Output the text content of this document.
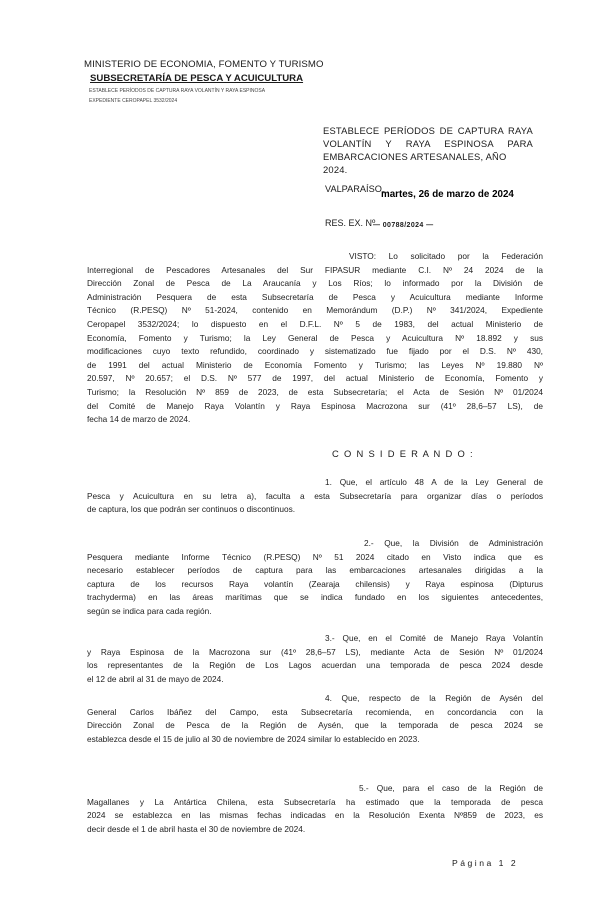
MINISTERIO DE ECONOMIA, FOMENTO Y TURISMO
SUBSECRETARÍA DE PESCA Y ACUICULTURA
ESTABLECE PERÍODOS DE CAPTURA RAYA VOLANTÍN Y RAYA ESPINOSA
EXPEDIENTE CEROPAPEL 3532/2024
ESTABLECE PERÍODOS DE CAPTURA RAYA
VOLANTÍN Y RAYA ESPINOSA PARA
EMBARCACIONES ARTESANALES, AÑO 2024.
VALPARAÍSO,
martes, 26 de marzo de 2024
RES. EX. Nº
— 00788/2024 —
VISTO: Lo solicitado por la Federación
Interregional de Pescadores Artesanales del Sur FIPASUR mediante C.I. Nº 24 2024 de la
Dirección Zonal de Pesca de La Araucanía y Los Ríos; lo informado por la División de
Administración Pesquera de esta Subsecretaría de Pesca y Acuicultura mediante Informe
Técnico (R.PESQ) Nº 51-2024, contenido en Memorándum (D.P.) Nº 341/2024, Expediente
Ceropapel 3532/2024; lo dispuesto en el D.F.L. Nº 5 de 1983, del actual Ministerio de
Economía, Fomento y Turismo; la Ley General de Pesca y Acuicultura Nº 18.892 y sus
modificaciones cuyo texto refundido, coordinado y sistematizado fue fijado por el D.S. Nº 430,
de 1991 del actual Ministerio de Economía Fomento y Turismo; las Leyes Nº 19.880 Nº
20.597, Nº 20.657; el D.S. Nº 577 de 1997, del actual Ministerio de Economía, Fomento y
Turismo; la Resolución Nº 859 de 2023, de esta Subsecretaría; el Acta de Sesión Nº 01/2024
del Comité de Manejo Raya Volantín y Raya Espinosa Macrozona sur (41º 28,6–57 LS), de
fecha 14 de marzo de 2024.
C O N S I D E R A N D O :
1. Que, el artículo 48 A de la Ley General de
Pesca y Acuicultura en su letra a), faculta a esta Subsecretaría para organizar días o períodos
de captura, los que podrán ser continuos o discontinuos.
2.- Que, la División de Administración
Pesquera mediante Informe Técnico (R.PESQ) Nº 51 2024 citado en Visto indica que es
necesario establecer períodos de captura para las embarcaciones artesanales dirigidas a la
captura de los recursos Raya volantín (Zearaja chilensis) y Raya espinosa (Dipturus
trachyderma) en las áreas marítimas que se indica fundado en los siguientes antecedentes,
según se indica para cada región.
3.- Que, en el Comité de Manejo Raya Volantín
y Raya Espinosa de la Macrozona sur (41º 28,6–57 LS), mediante Acta de Sesión Nº 01/2024
los representantes de la Región de Los Lagos acuerdan una temporada de pesca 2024 desde
el 12 de abril al 31 de mayo de 2024.
4. Que, respecto de la Región de Aysén del
General Carlos Ibáñez del Campo, esta Subsecretaría recomienda, en concordancia con la
Dirección Zonal de Pesca de la Región de Aysén, que la temporada de pesca 2024 se
establezca desde el 15 de julio al 30 de noviembre de 2024 similar lo establecido en 2023.
5.- Que, para el caso de la Región de
Magallanes y La Antártica Chilena, esta Subsecretaría ha estimado que la temporada de pesca
2024 se establezca en las mismas fechas indicadas en la Resolución Exenta Nº859 de 2023, es
decir desde el 1 de abril hasta el 30 de noviembre de 2024.
Página 1 2
